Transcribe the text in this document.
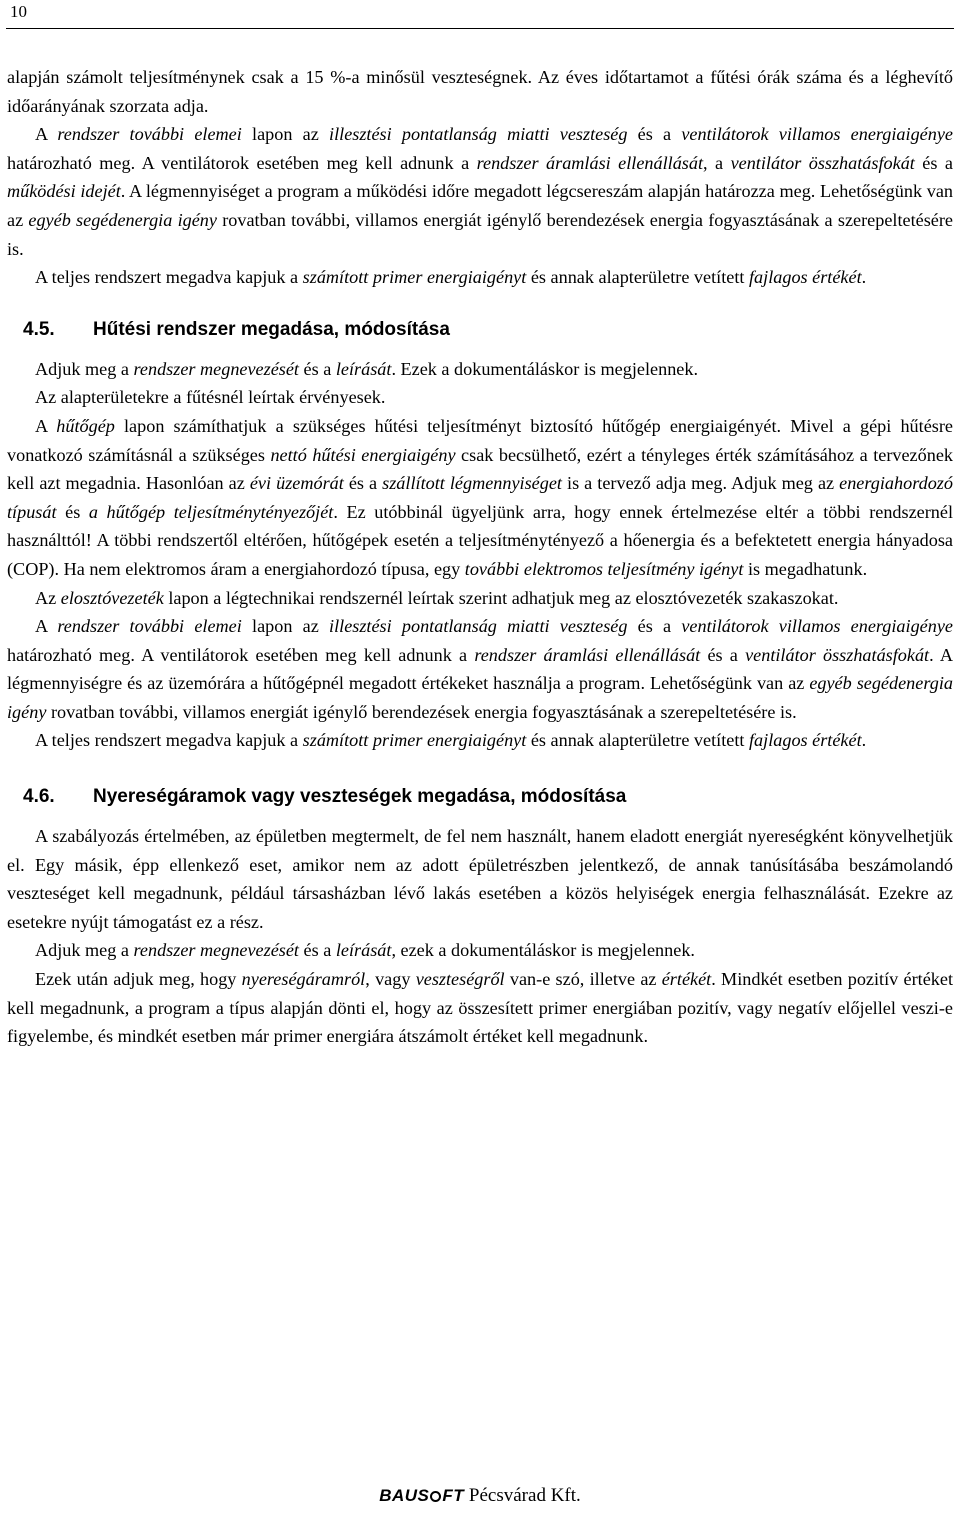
10

alapján számolt teljesítménynek csak a 15 %-a minősül veszteségnek. Az éves időtartamot a fűtési órák száma és a léghevítő időarányának szorzata adja.

A rendszer további elemei lapon az illesztési pontatlanság miatti veszteség és a ventilátorok villamos energiaigénye határozható meg. A ventilátorok esetében meg kell adnunk a rendszer áramlási ellenállását, a ventilátor összhatásfokát és a működési idejét. A légmennyiséget a program a működési időre megadott légcsereszám alapján határozza meg. Lehetőségünk van az egyéb segédenergia igény rovatban további, villamos energiát igénylő berendezések energia fogyasztásának a szerepeltetésére is.

A teljes rendszert megadva kapjuk a számított primer energiaigényt és annak alapterületre vetített fajlagos értékét.

4.5.	Hűtési rendszer megadása, módosítása

Adjuk meg a rendszer megnevezését és a leírását. Ezek a dokumentáláskor is megjelennek.

Az alapterületekre a fűtésnél leírtak érvényesek.

A hűtőgép lapon számíthatjuk a szükséges hűtési teljesítményt biztosító hűtőgép energiaigényét. Mivel a gépi hűtésre vonatkozó számításnál a szükséges nettó hűtési energiaigény csak becsülhető, ezért a tényleges érték számításához a tervezőnek kell azt megadnia. Hasonlóan az évi üzemórát és a szállított légmennyiséget is a tervező adja meg. Adjuk meg az energiahordozó típusát és a hűtőgép teljesítménytényezőjét. Ez utóbbinál ügyeljünk arra, hogy ennek értelmezése eltér a többi rendszernél használttól! A többi rendszertől eltérően, hűtőgépek esetén a teljesítménytényező a hőenergia és a befektetett energia hányadosa (COP). Ha nem elektromos áram a energiahordozó típusa, egy további elektromos teljesítmény igényt is megadhatunk.

Az elosztóvezeték lapon a légtechnikai rendszernél leírtak szerint adhatjuk meg az elosztóvezeték szakaszokat.

A rendszer további elemei lapon az illesztési pontatlanság miatti veszteség és a ventilátorok villamos energiaigénye határozható meg. A ventilátorok esetében meg kell adnunk a rendszer áramlási ellenállását és a ventilátor összhatásfokát. A légmennyiségre és az üzemórára a hűtőgépnél megadott értékeket használja a program. Lehetőségünk van az egyéb segédenergia igény rovatban további, villamos energiát igénylő berendezések energia fogyasztásának a szerepeltetésére is.

A teljes rendszert megadva kapjuk a számított primer energiaigényt és annak alapterületre vetített fajlagos értékét.

4.6.	Nyereségáramok vagy veszteségek megadása, módosítása

A szabályozás értelmében, az épületben megtermelt, de fel nem használt, hanem eladott energiát nyereségként könyvelhetjük el. Egy másik, épp ellenkező eset, amikor nem az adott épületrészben jelentkező, de annak tanúsításába beszámolandó veszteséget kell megadnunk, például társasházban lévő lakás esetében a közös helyiségek energia felhasználását. Ezekre az esetekre nyújt támogatást ez a rész.

Adjuk meg a rendszer megnevezését és a leírását, ezek a dokumentáláskor is megjelennek.

Ezek után adjuk meg, hogy nyereségáramról, vagy veszteségről van-e szó, illetve az értékét. Mindkét esetben pozitív értéket kell megadnunk, a program a típus alapján dönti el, hogy az összesített primer energiában pozitív, vagy negatív előjellel veszi-e figyelembe, és mindkét esetben már primer energiára átszámolt értéket kell megadnunk.

BAUS FT Pécsvárad Kft.
